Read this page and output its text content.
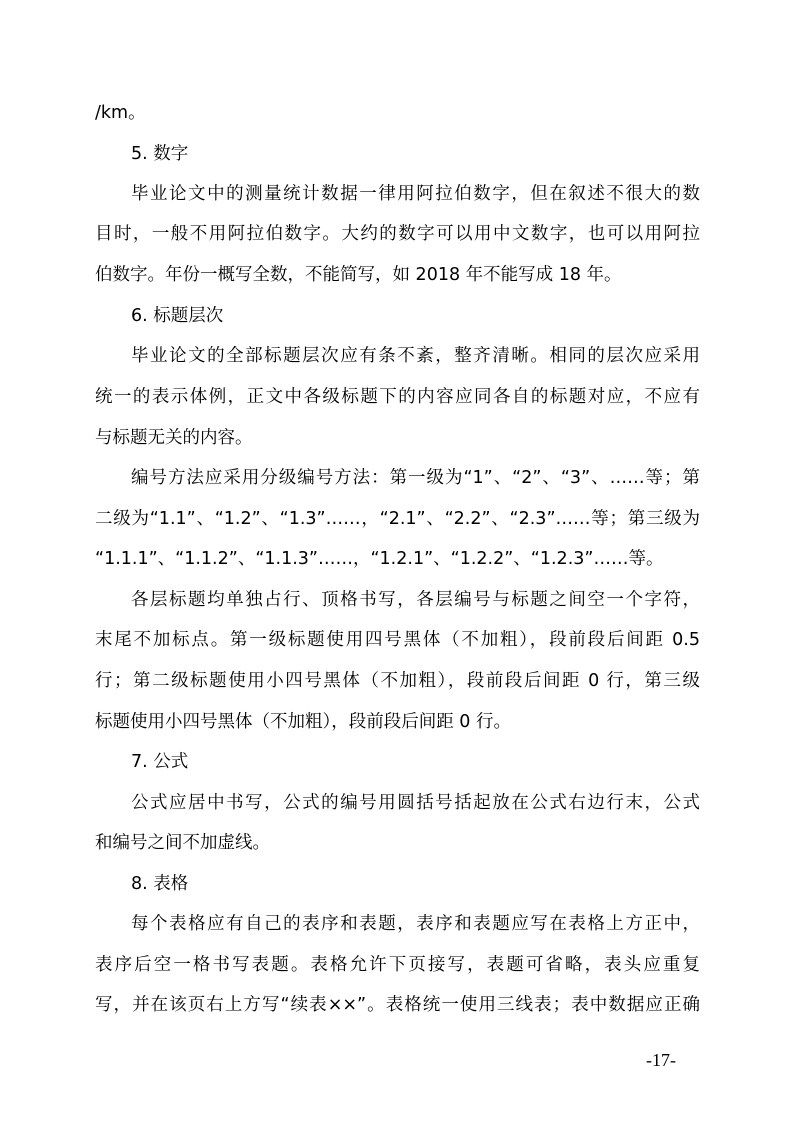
/km。
5. 数字
毕业论文中的测量统计数据一律用阿拉伯数字，但在叙述不很大的数
目时，一般不用阿拉伯数字。大约的数字可以用中文数字，也可以用阿拉
伯数字。年份一概写全数，不能简写，如 2018 年不能写成 18 年。
6. 标题层次
毕业论文的全部标题层次应有条不紊，整齐清晰。相同的层次应采用
统一的表示体例，正文中各级标题下的内容应同各自的标题对应，不应有
与标题无关的内容。
编号方法应采用分级编号方法：第一级为“1”、“2”、“3”、……等；第
二级为“1.1”、“1.2”、“1.3”……，“2.1”、“2.2”、“2.3”……等；第三级为
“1.1.1”、“1.1.2”、“1.1.3”……，“1.2.1”、“1.2.2”、“1.2.3”……等。
各层标题均单独占行、顶格书写，各层编号与标题之间空一个字符，
末尾不加标点。第一级标题使用四号黑体（不加粗），段前段后间距 0.5
行；第二级标题使用小四号黑体（不加粗），段前段后间距 0 行，第三级
标题使用小四号黑体（不加粗），段前段后间距 0 行。
7. 公式
公式应居中书写，公式的编号用圆括号括起放在公式右边行末，公式
和编号之间不加虚线。
8. 表格
每个表格应有自己的表序和表题，表序和表题应写在表格上方正中，
表序后空一格书写表题。表格允许下页接写，表题可省略，表头应重复
写，并在该页右上方写“续表××”。表格统一使用三线表；表中数据应正确
-17-
